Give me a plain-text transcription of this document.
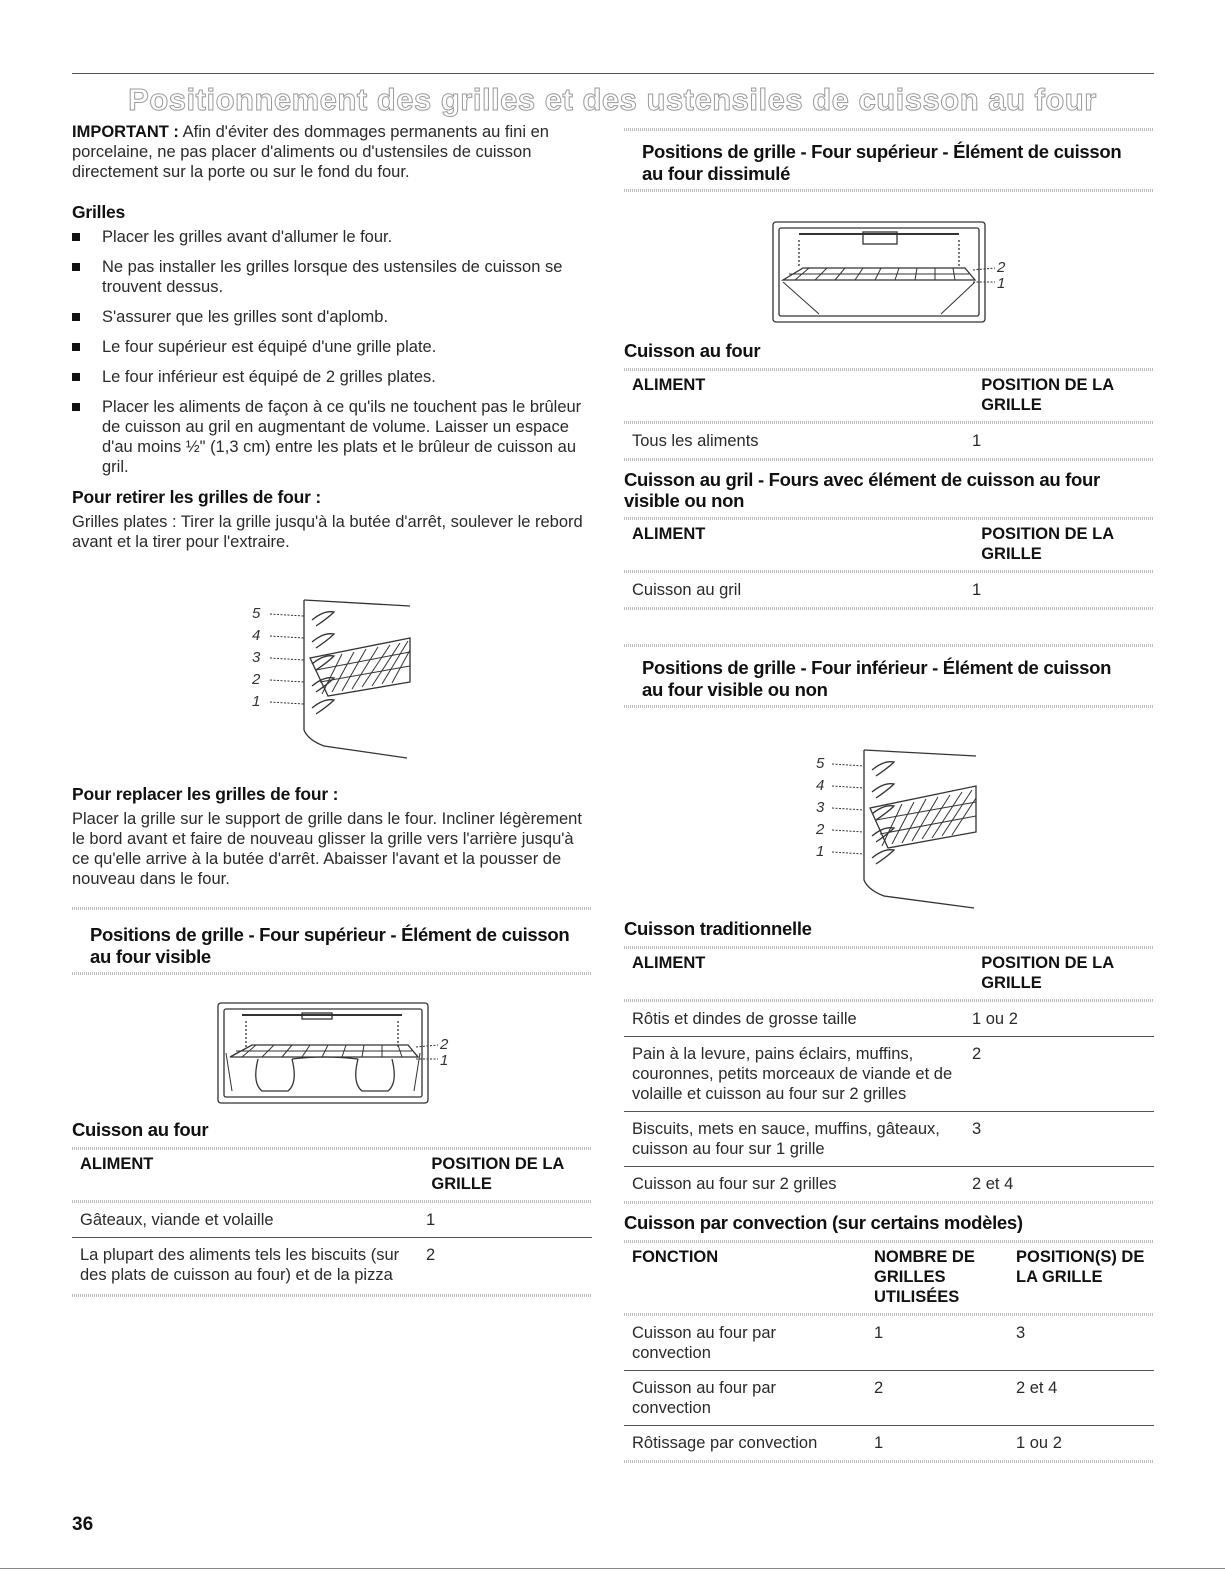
Positionnement des grilles et des ustensiles de cuisson au four

IMPORTANT : Afin d'éviter des dommages permanents au fini en porcelaine, ne pas placer d'aliments ou d'ustensiles de cuisson directement sur la porte ou sur le fond du four.

Grilles
Placer les grilles avant d'allumer le four.
Ne pas installer les grilles lorsque des ustensiles de cuisson se trouvent dessus.
S'assurer que les grilles sont d'aplomb.
Le four supérieur est équipé d'une grille plate.
Le four inférieur est équipé de 2 grilles plates.
Placer les aliments de façon à ce qu'ils ne touchent pas le brûleur de cuisson au gril en augmentant de volume. Laisser un espace d'au moins ½" (1,3 cm) entre les plats et le brûleur de cuisson au gril.
Pour retirer les grilles de four :

Grilles plates : Tirer la grille jusqu'à la butée d'arrêt, soulever le rebord avant et la tirer pour l'extraire.

5
4
3
2
1
Pour replacer les grilles de four :

Placer la grille sur le support de grille dans le four. Incliner légèrement le bord avant et faire de nouveau glisser la grille vers l'arrière jusqu'à ce qu'elle arrive à la butée d'arrêt. Abaisser l'avant et la pousser de nouveau dans le four.

Positions de grille - Four supérieur - Élément de cuisson au four visible
2
1
Cuisson au four
ALIMENT	POSITION DE LA GRILLE
Gâteaux, viande et volaille	1
La plupart des aliments tels les biscuits (sur des plats de cuisson au four) et de la pizza	2
Positions de grille - Four supérieur - Élément de cuisson au four dissimulé
2
1
Cuisson au four
ALIMENT	POSITION DE LA GRILLE
Tous les aliments	1
Cuisson au gril - Fours avec élément de cuisson au four visible ou non
ALIMENT	POSITION DE LA GRILLE
Cuisson au gril	1
Positions de grille - Four inférieur - Élément de cuisson au four visible ou non
5
4
3
2
1
Cuisson traditionnelle
ALIMENT	POSITION DE LA GRILLE
Rôtis et dindes de grosse taille	1 ou 2
Pain à la levure, pains éclairs, muffins, couronnes, petits morceaux de viande et de volaille et cuisson au four sur 2 grilles	2
Biscuits, mets en sauce, muffins, gâteaux, cuisson au four sur 1 grille	3
Cuisson au four sur 2 grilles	2 et 4
Cuisson par convection (sur certains modèles)
FONCTION	NOMBRE DE GRILLES UTILISÉES	POSITION(S) DE LA GRILLE
Cuisson au four par convection	1	3
Cuisson au four par convection	2	2 et 4
Rôtissage par convection	1	1 ou 2
36
